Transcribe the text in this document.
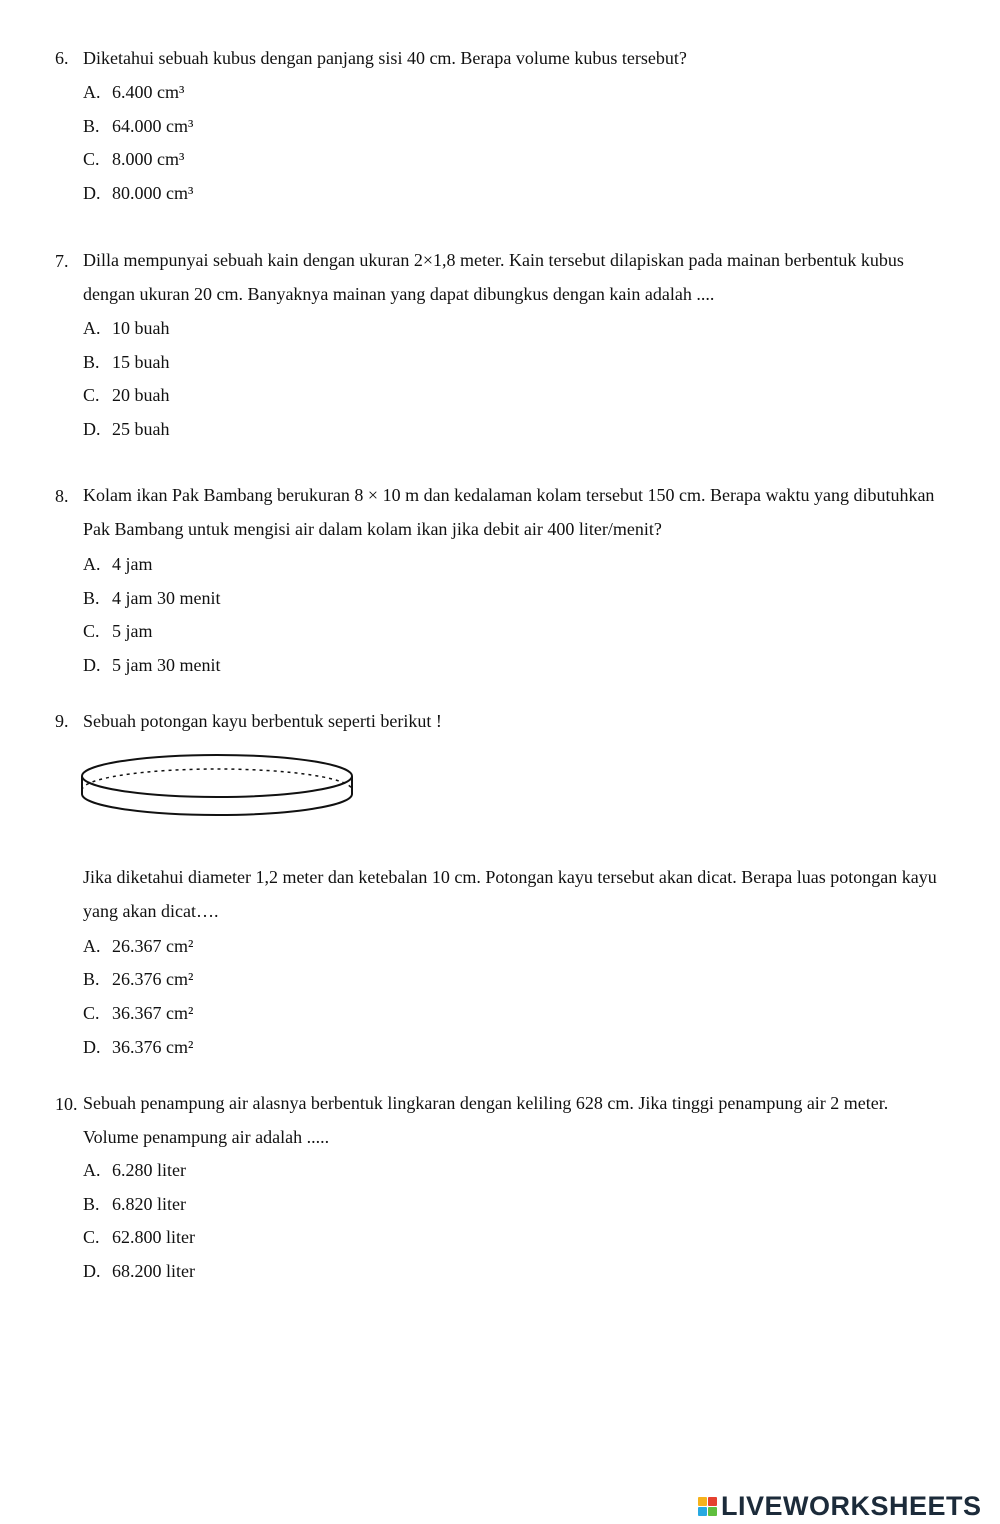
6. Diketahui sebuah kubus dengan panjang sisi 40 cm. Berapa volume kubus tersebut?
A. 6.400 cm³
B. 64.000 cm³
C. 8.000 cm³
D. 80.000 cm³
7. Dilla mempunyai sebuah kain dengan ukuran 2×1,8 meter. Kain tersebut dilapiskan pada mainan berbentuk kubus dengan ukuran 20 cm. Banyaknya mainan yang dapat dibungkus dengan kain adalah ....
A. 10 buah
B. 15 buah
C. 20 buah
D. 25 buah
8. Kolam ikan Pak Bambang berukuran 8 × 10 m dan kedalaman kolam tersebut 150 cm. Berapa waktu yang dibutuhkan Pak Bambang untuk mengisi air dalam kolam ikan jika debit air 400 liter/menit?
A. 4 jam
B. 4 jam 30 menit
C. 5 jam
D. 5 jam 30 menit
9. Sebuah potongan kayu berbentuk seperti berikut !
Jika diketahui diameter 1,2 meter dan ketebalan 10 cm. Potongan kayu tersebut akan dicat. Berapa luas potongan kayu yang akan dicat….
A. 26.367 cm²
B. 26.376 cm²
C. 36.367 cm²
D. 36.376 cm²
10. Sebuah penampung air alasnya berbentuk lingkaran dengan keliling 628 cm. Jika tinggi penampung air 2 meter. Volume penampung air adalah .....
A. 6.280 liter
B. 6.820 liter
C. 62.800 liter
D. 68.200 liter
LIVEWORKSHEETS
